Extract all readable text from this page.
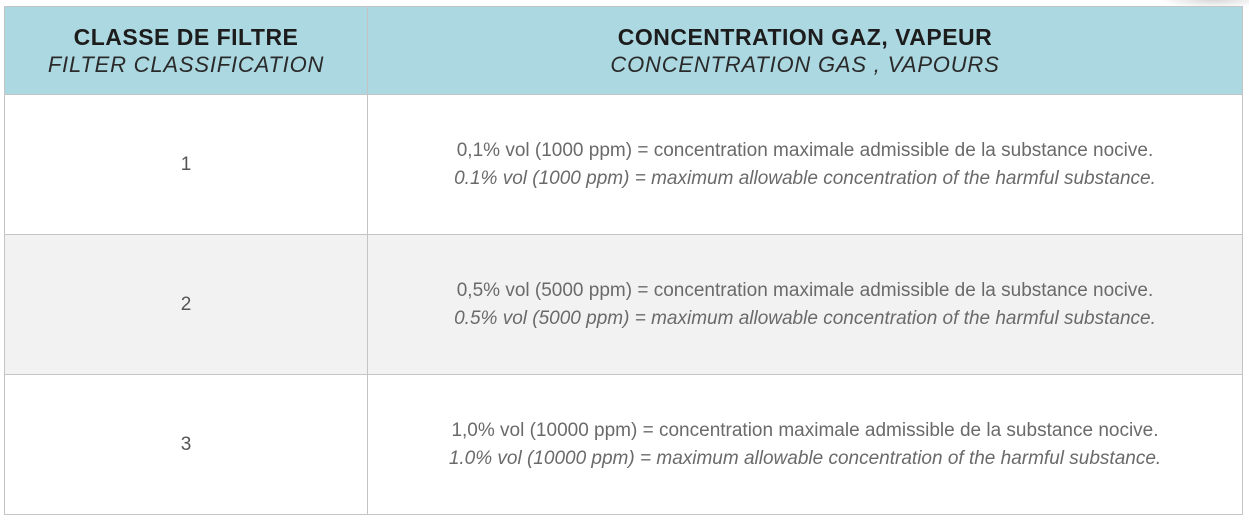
CLASSE DE FILTRE
FILTER CLASSIFICATION
CONCENTRATION GAZ, VAPEUR
CONCENTRATION GAS , VAPOURS
1
0,1% vol (1000 ppm) = concentration maximale admissible de la substance nocive.
0.1% vol (1000 ppm) = maximum allowable concentration of the harmful substance.
2
0,5% vol (5000 ppm) = concentration maximale admissible de la substance nocive.
0.5% vol (5000 ppm) = maximum allowable concentration of the harmful substance.
3
1,0% vol (10000 ppm) = concentration maximale admissible de la substance nocive.
1.0% vol (10000 ppm) = maximum allowable concentration of the harmful substance.
